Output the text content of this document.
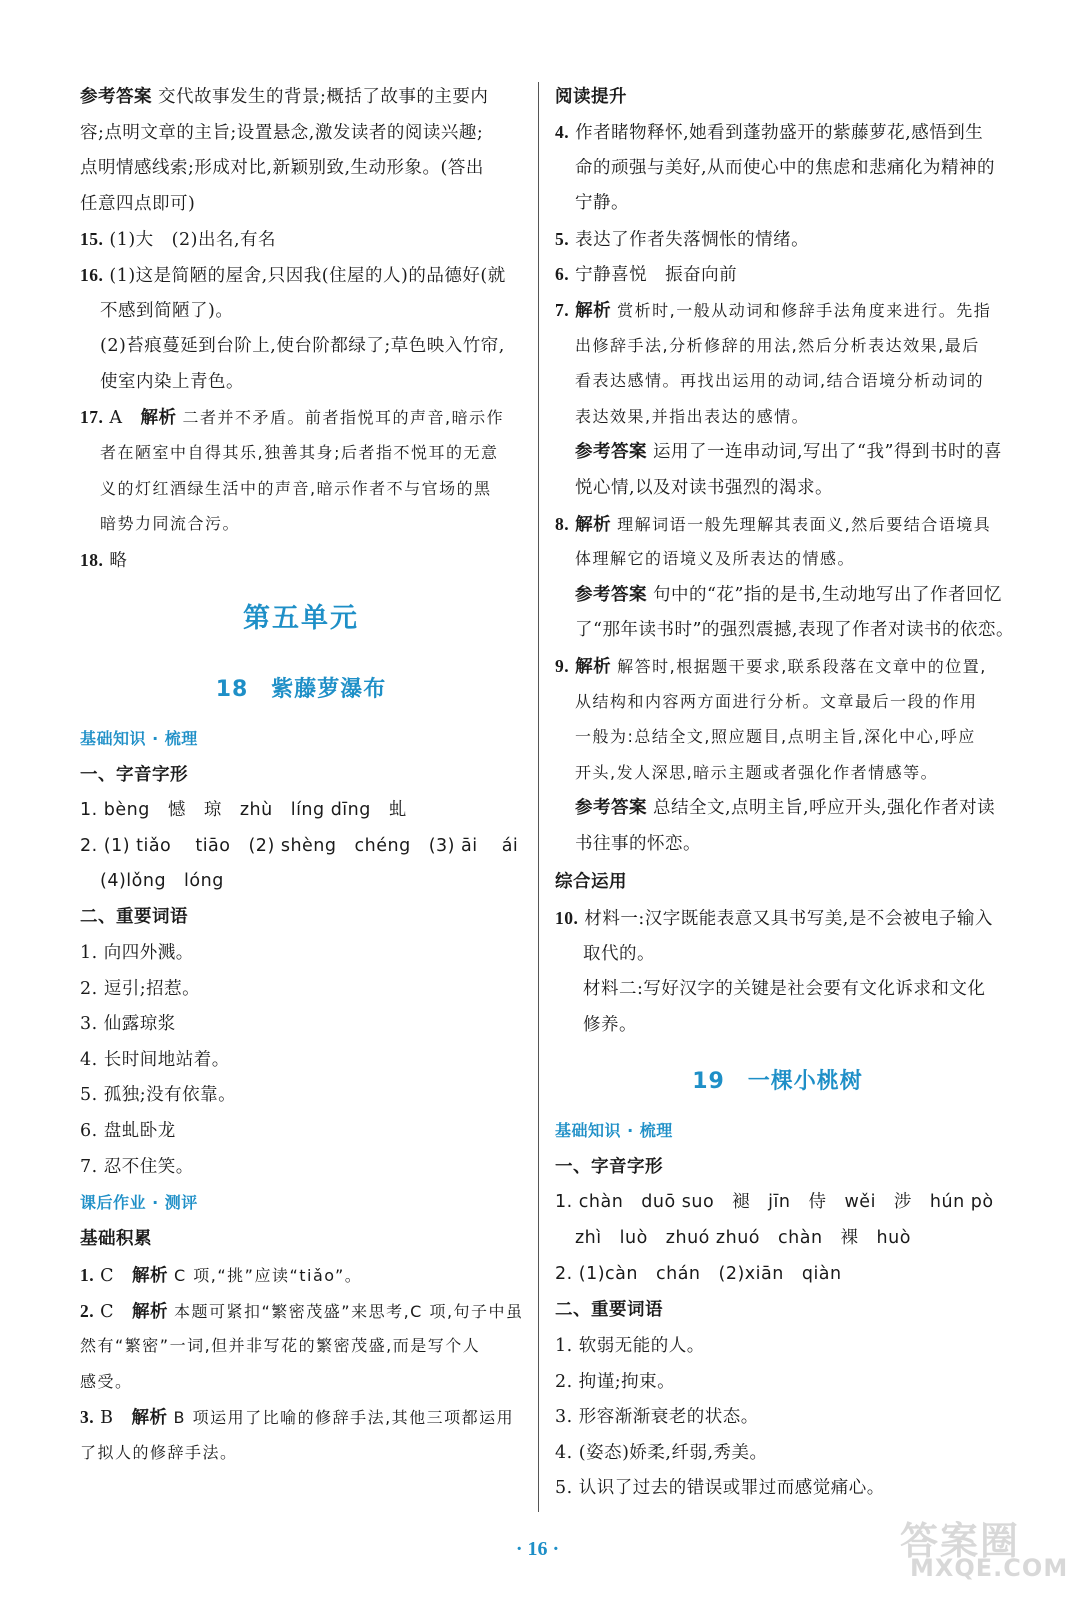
参考答案 交代故事发生的背景;概括了故事的主要内
容;点明文章的主旨;设置悬念,激发读者的阅读兴趣;
点明情感线索;形成对比,新颖别致,生动形象。(答出
任意四点即可)
15. (1)大　(2)出名,有名
16. (1)这是简陋的屋舍,只因我(住屋的人)的品德好(就
不感到简陋了)。
(2)苔痕蔓延到台阶上,使台阶都绿了;草色映入竹帘,
使室内染上青色。
17. A　解析 二者并不矛盾。前者指悦耳的声音,暗示作
者在陋室中自得其乐,独善其身;后者指不悦耳的无意
义的灯红酒绿生活中的声音,暗示作者不与官场的黑
暗势力同流合污。
18. 略
第五单元
18　紫藤萝瀑布
基础知识 · 梳理
一、字音字形
1. bèng　憾　琼　zhù　líng dīng　虬
2. (1) tiǎo　 tiāo　(2) shèng　chéng　(3) āi　 ái
(4)lǒng　lóng
二、重要词语
1. 向四外溅。
2. 逗引;招惹。
3. 仙露琼浆
4. 长时间地站着。
5. 孤独;没有依靠。
6. 盘虬卧龙
7. 忍不住笑。
课后作业 · 测评
基础积累
1. C　解析 C 项,“挑”应读“tiǎo”。
2. C　解析 本题可紧扣“繁密茂盛”来思考,C 项,句子中虽
然有“繁密”一词,但并非写花的繁密茂盛,而是写个人
感受。
3. B　解析 B 项运用了比喻的修辞手法,其他三项都运用
了拟人的修辞手法。
阅读提升
4. 作者睹物释怀,她看到蓬勃盛开的紫藤萝花,感悟到生
命的顽强与美好,从而使心中的焦虑和悲痛化为精神的
宁静。
5. 表达了作者失落惆怅的情绪。
6. 宁静喜悦　振奋向前
7. 解析 赏析时,一般从动词和修辞手法角度来进行。先指
出修辞手法,分析修辞的用法,然后分析表达效果,最后
看表达感情。再找出运用的动词,结合语境分析动词的
表达效果,并指出表达的感情。
参考答案 运用了一连串动词,写出了“我”得到书时的喜
悦心情,以及对读书强烈的渴求。
8. 解析 理解词语一般先理解其表面义,然后要结合语境具
体理解它的语境义及所表达的情感。
参考答案 句中的“花”指的是书,生动地写出了作者回忆
了“那年读书时”的强烈震撼,表现了作者对读书的依恋。
9. 解析 解答时,根据题干要求,联系段落在文章中的位置,
从结构和内容两方面进行分析。文章最后一段的作用
一般为:总结全文,照应题目,点明主旨,深化中心,呼应
开头,发人深思,暗示主题或者强化作者情感等。
参考答案 总结全文,点明主旨,呼应开头,强化作者对读
书往事的怀恋。
综合运用
10. 材料一:汉字既能表意又具书写美,是不会被电子输入
取代的。
材料二:写好汉字的关键是社会要有文化诉求和文化
修养。
19　一棵小桃树
基础知识 · 梳理
一、字音字形
1. chàn　duō suo　褪　jīn　侍　wěi　涉　hún pò
zhì　luò　zhuó zhuó　chàn　裸　huò
2. (1)càn　chán　(2)xiān　qiàn
二、重要词语
1. 软弱无能的人。
2. 拘谨;拘束。
3. 形容渐渐衰老的状态。
4. (姿态)娇柔,纤弱,秀美。
5. 认识了过去的错误或罪过而感觉痛心。
· 16 ·	答案圈
MXQE.COM
